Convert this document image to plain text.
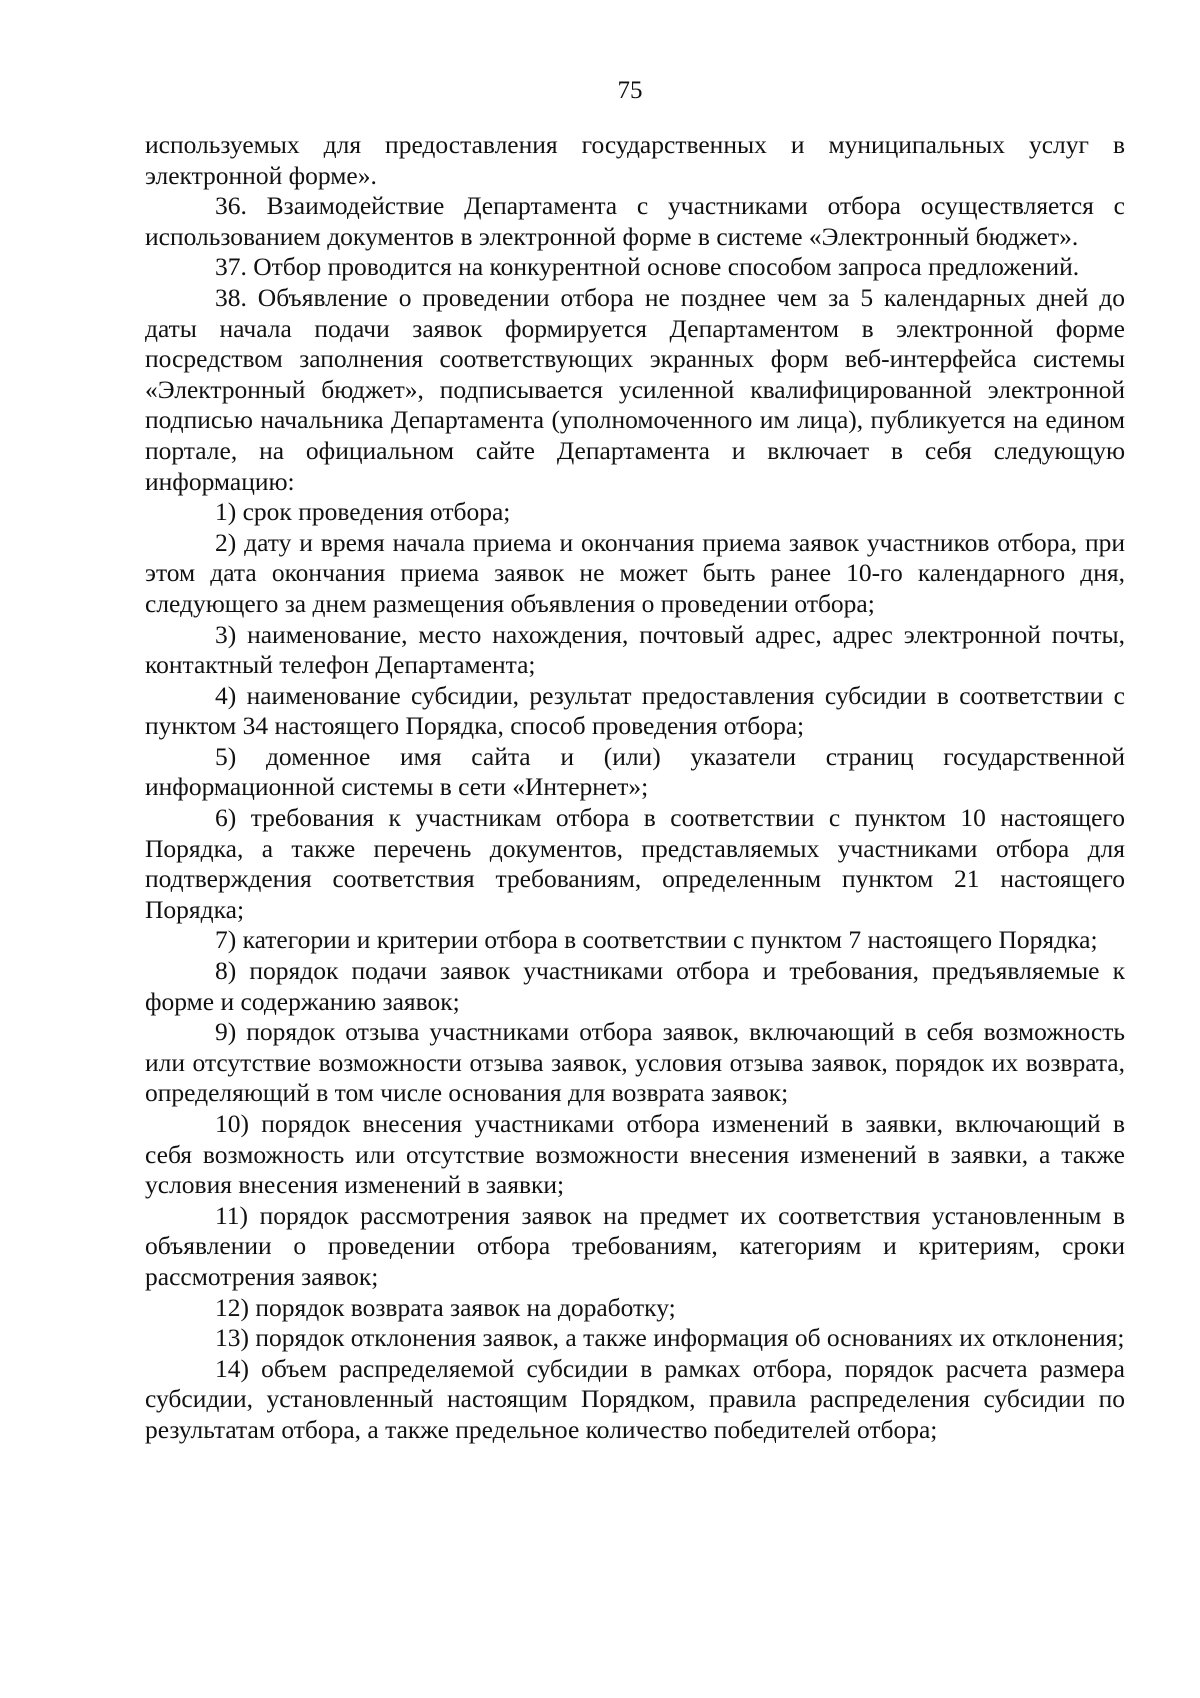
75

используемых для предоставления государственных и муниципальных услуг в электронной форме».

36. Взаимодействие Департамента с участниками отбора осуществляется с использованием документов в электронной форме в системе «Электронный бюджет».

37. Отбор проводится на конкурентной основе способом запроса предложений.

38. Объявление о проведении отбора не позднее чем за 5 календарных дней до даты начала подачи заявок формируется Департаментом в электронной форме посредством заполнения соответствующих экранных форм веб-интерфейса системы «Электронный бюджет», подписывается усиленной квалифицированной электронной подписью начальника Департамента (уполномоченного им лица), публикуется на едином портале, на официальном сайте Департамента и включает в себя следующую информацию:

1) срок проведения отбора;

2) дату и время начала приема и окончания приема заявок участников отбора, при этом дата окончания приема заявок не может быть ранее 10-го календарного дня, следующего за днем размещения объявления о проведении отбора;

3) наименование, место нахождения, почтовый адрес, адрес электронной почты, контактный телефон Департамента;

4) наименование субсидии, результат предоставления субсидии в соответствии с пунктом 34 настоящего Порядка, способ проведения отбора;

5) доменное имя сайта и (или) указатели страниц государственной информационной системы в сети «Интернет»;

6) требования к участникам отбора в соответствии с пунктом 10 настоящего Порядка, а также перечень документов, представляемых участниками отбора для подтверждения соответствия требованиям, определенным пунктом 21 настоящего Порядка;

7) категории и критерии отбора в соответствии с пунктом 7 настоящего Порядка;

8) порядок подачи заявок участниками отбора и требования, предъявляемые к форме и содержанию заявок;

9) порядок отзыва участниками отбора заявок, включающий в себя возможность или отсутствие возможности отзыва заявок, условия отзыва заявок, порядок их возврата, определяющий в том числе основания для возврата заявок;

10) порядок внесения участниками отбора изменений в заявки, включающий в себя возможность или отсутствие возможности внесения изменений в заявки, а также условия внесения изменений в заявки;

11) порядок рассмотрения заявок на предмет их соответствия установленным в объявлении о проведении отбора требованиям, категориям и критериям, сроки рассмотрения заявок;

12) порядок возврата заявок на доработку;

13) порядок отклонения заявок, а также информация об основаниях их отклонения;

14) объем распределяемой субсидии в рамках отбора, порядок расчета размера субсидии, установленный настоящим Порядком, правила распределения субсидии по результатам отбора, а также предельное количество победителей отбора;
